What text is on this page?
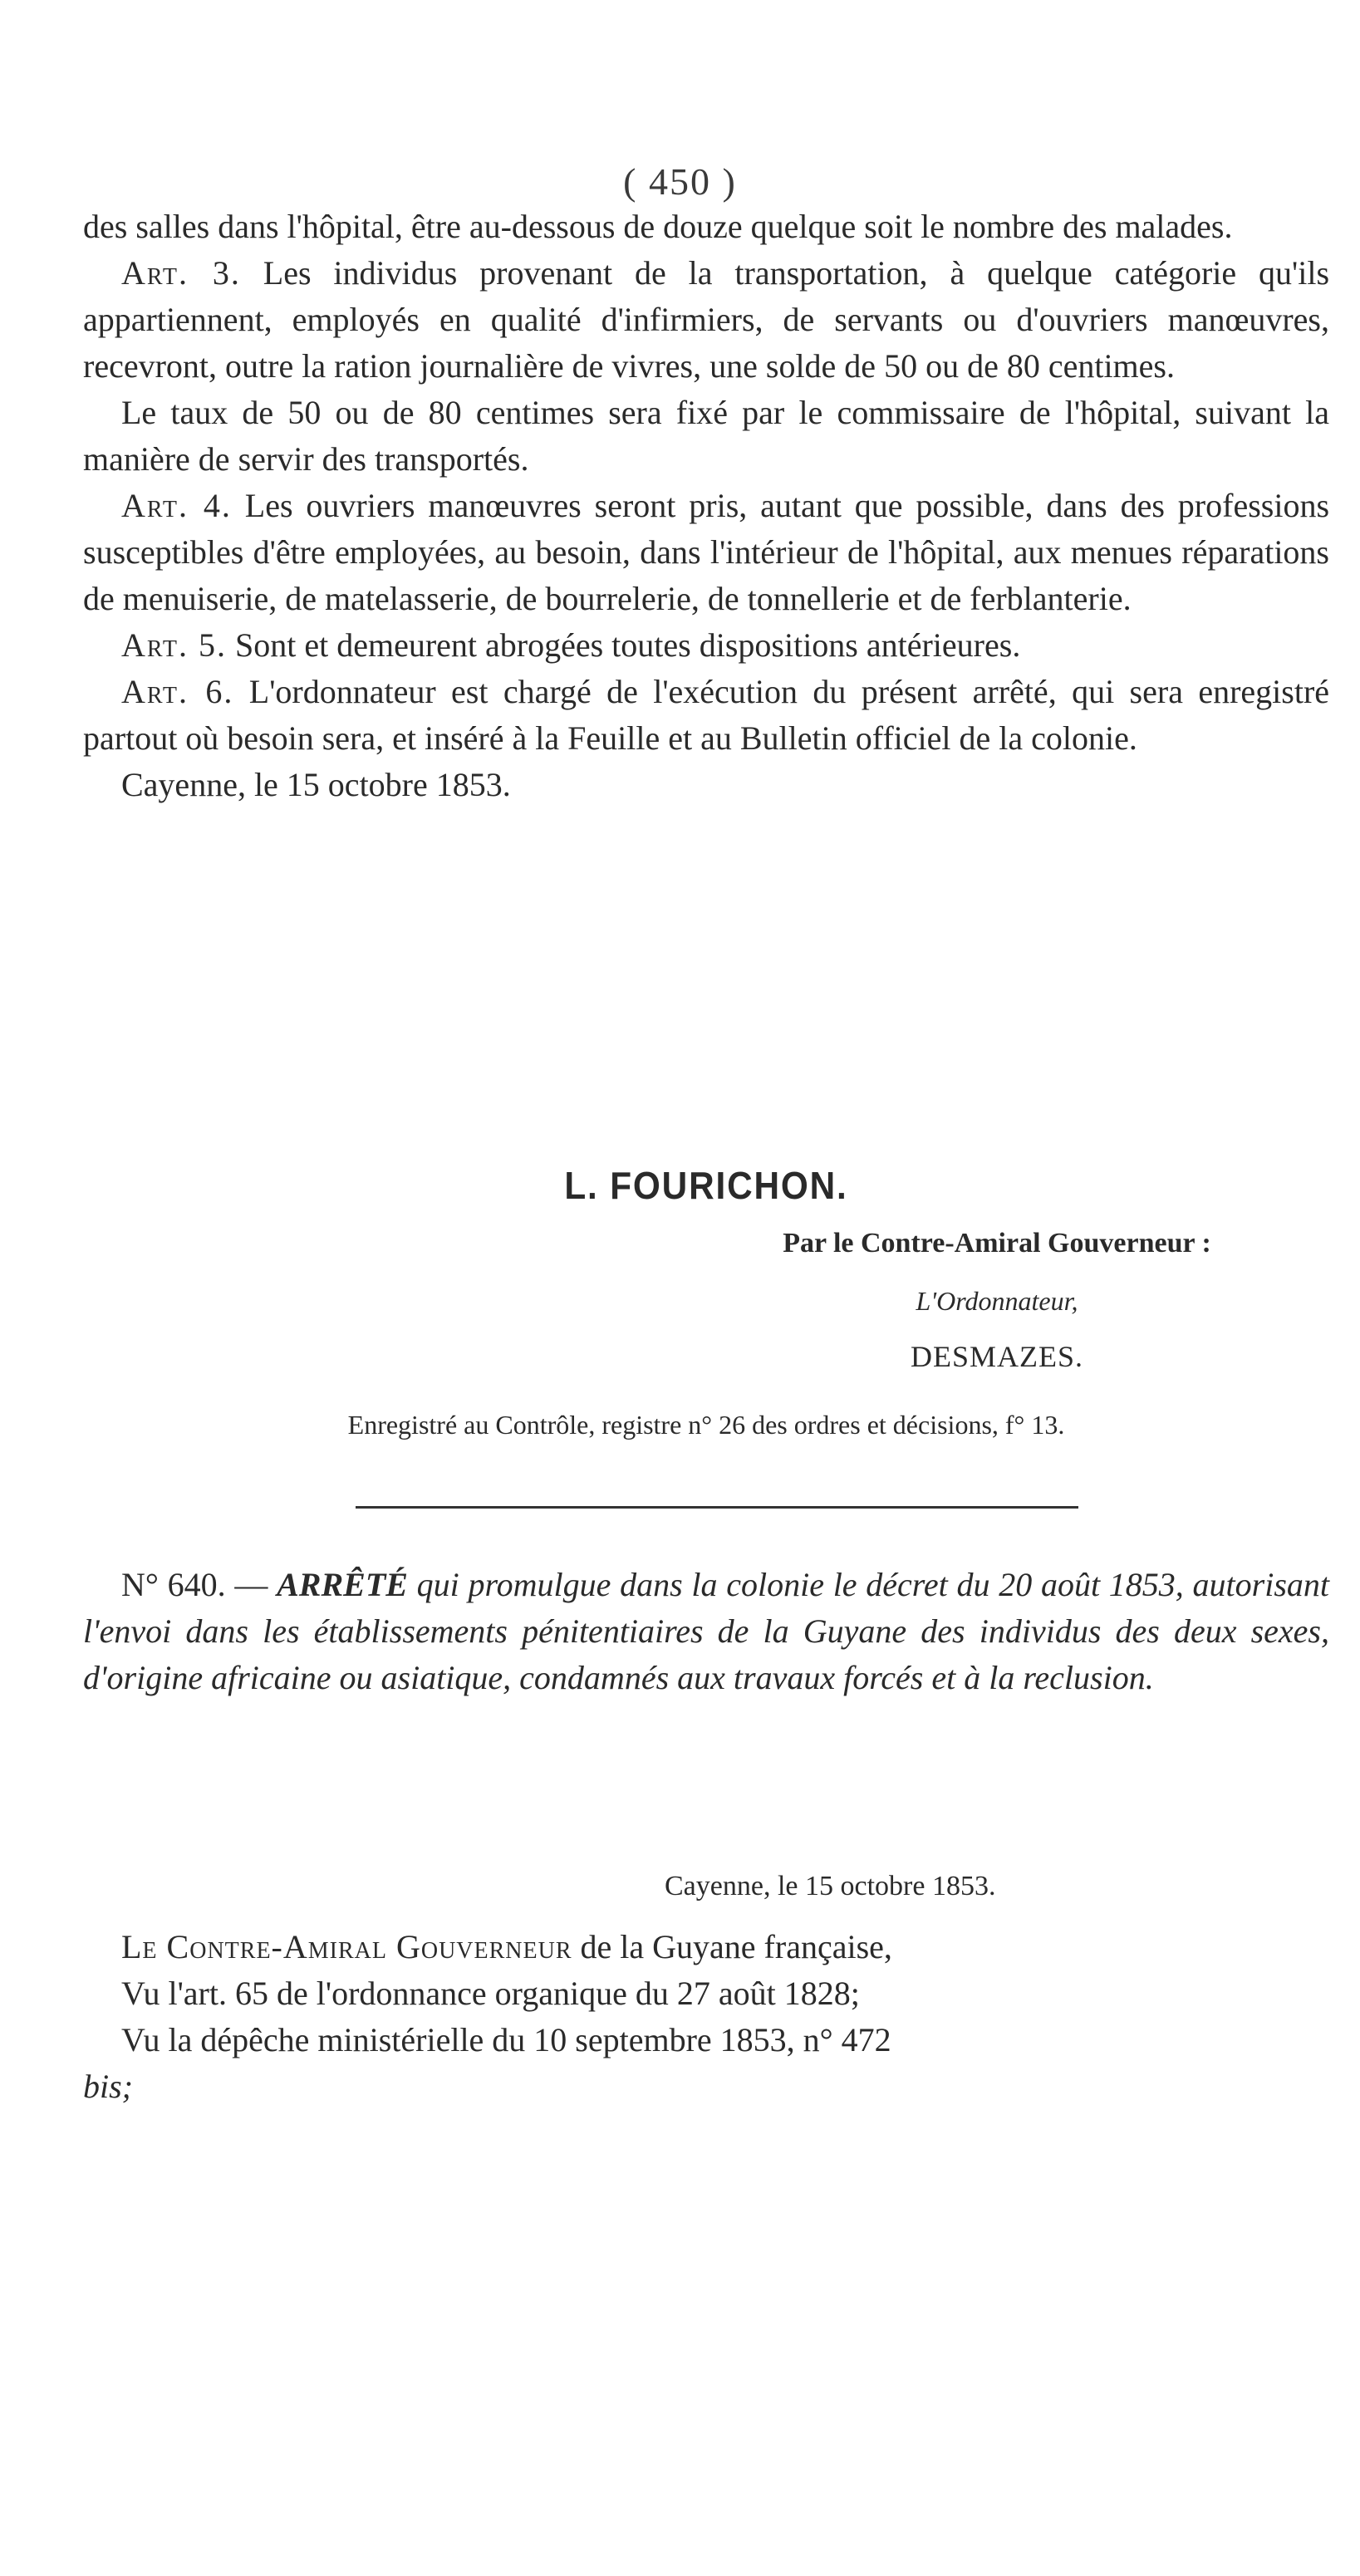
( 450 )

des salles dans l'hôpital, être au-dessous de douze quelque soit le nombre des malades.

Art. 3. Les individus provenant de la transportation, à quelque catégorie qu'ils appartiennent, employés en qualité d'infirmiers, de servants ou d'ouvriers manœuvres, recevront, outre la ration journalière de vivres, une solde de 50 ou de 80 centimes.

Le taux de 50 ou de 80 centimes sera fixé par le commissaire de l'hôpital, suivant la manière de servir des transportés.

Art. 4. Les ouvriers manœuvres seront pris, autant que possible, dans des professions susceptibles d'être employées, au besoin, dans l'intérieur de l'hôpital, aux menues réparations de menuiserie, de matelasserie, de bourrelerie, de tonnellerie et de ferblanterie.

Art. 5. Sont et demeurent abrogées toutes dispositions antérieures.

Art. 6. L'ordonnateur est chargé de l'exécution du présent arrêté, qui sera enregistré partout où besoin sera, et inséré à la Feuille et au Bulletin officiel de la colonie.

Cayenne, le 15 octobre 1853.

L. FOURICHON.
Par le Contre-Amiral Gouverneur :
L'Ordonnateur,
DESMAZES.
Enregistré au Contrôle, registre n° 26 des ordres et décisions, f° 13.

N° 640. — ARRÊTÉ qui promulgue dans la colonie le décret du 20 août 1853, autorisant l'envoi dans les établissements pénitentiaires de la Guyane des individus des deux sexes, d'origine africaine ou asiatique, condamnés aux travaux forcés et à la reclusion.

Cayenne, le 15 octobre 1853.

Le Contre-Amiral Gouverneur de la Guyane française,

Vu l'art. 65 de l'ordonnance organique du 27 août 1828;

Vu la dépêche ministérielle du 10 septembre 1853, n° 472
bis;
